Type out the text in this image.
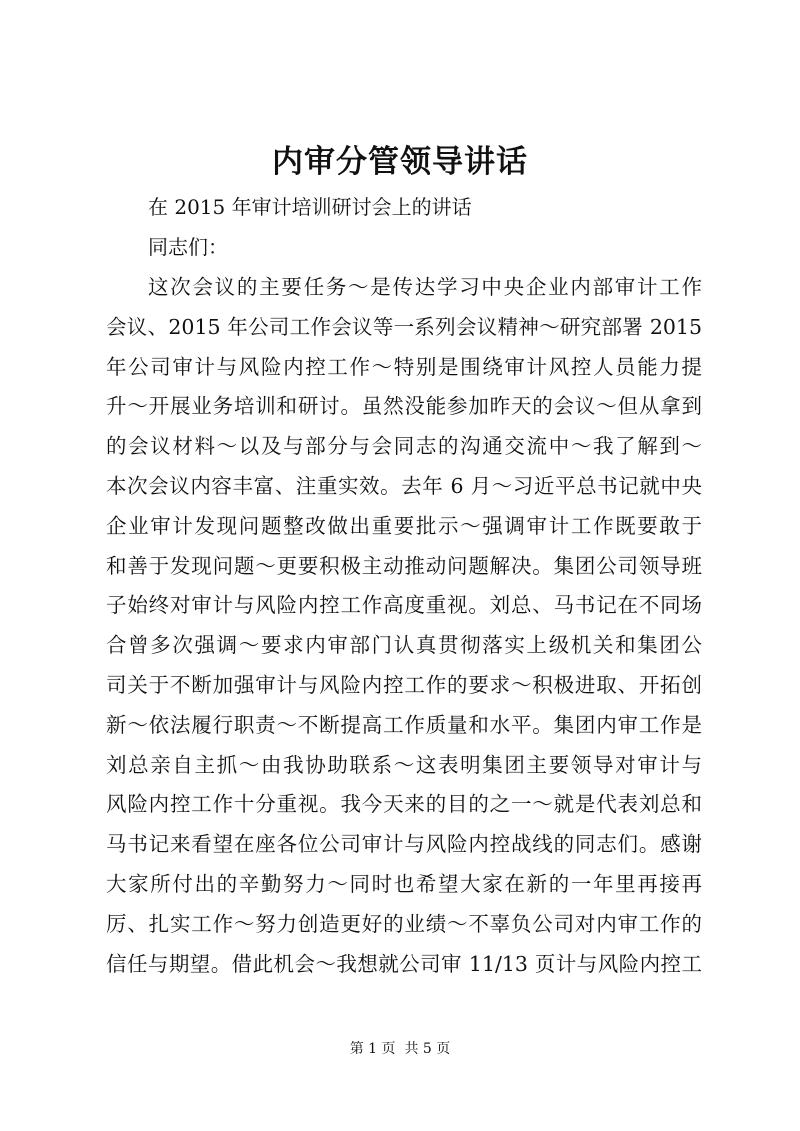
内审分管领导讲话
在 2015 年审计培训研讨会上的讲话
同志们：
这次会议的主要任务～是传达学习中央企业内部审计工作
会议、2015 年公司工作会议等一系列会议精神～研究部署 2015
年公司审计与风险内控工作～特别是围绕审计风控人员能力提
升～开展业务培训和研讨。虽然没能参加昨天的会议～但从拿到
的会议材料～以及与部分与会同志的沟通交流中～我了解到～
本次会议内容丰富、注重实效。去年 6 月～习近平总书记就中央
企业审计发现问题整改做出重要批示～强调审计工作既要敢于
和善于发现问题～更要积极主动推动问题解决。集团公司领导班
子始终对审计与风险内控工作高度重视。刘总、马书记在不同场
合曾多次强调～要求内审部门认真贯彻落实上级机关和集团公
司关于不断加强审计与风险内控工作的要求～积极进取、开拓创
新～依法履行职责～不断提高工作质量和水平。集团内审工作是
刘总亲自主抓～由我协助联系～这表明集团主要领导对审计与
风险内控工作十分重视。我今天来的目的之一～就是代表刘总和
马书记来看望在座各位公司审计与风险内控战线的同志们。感谢
大家所付出的辛勤努力～同时也希望大家在新的一年里再接再
厉、扎实工作～努力创造更好的业绩～不辜负公司对内审工作的
信任与期望。借此机会～我想就公司审 11/13 页计与风险内控工
第 1 页  共 5 页
